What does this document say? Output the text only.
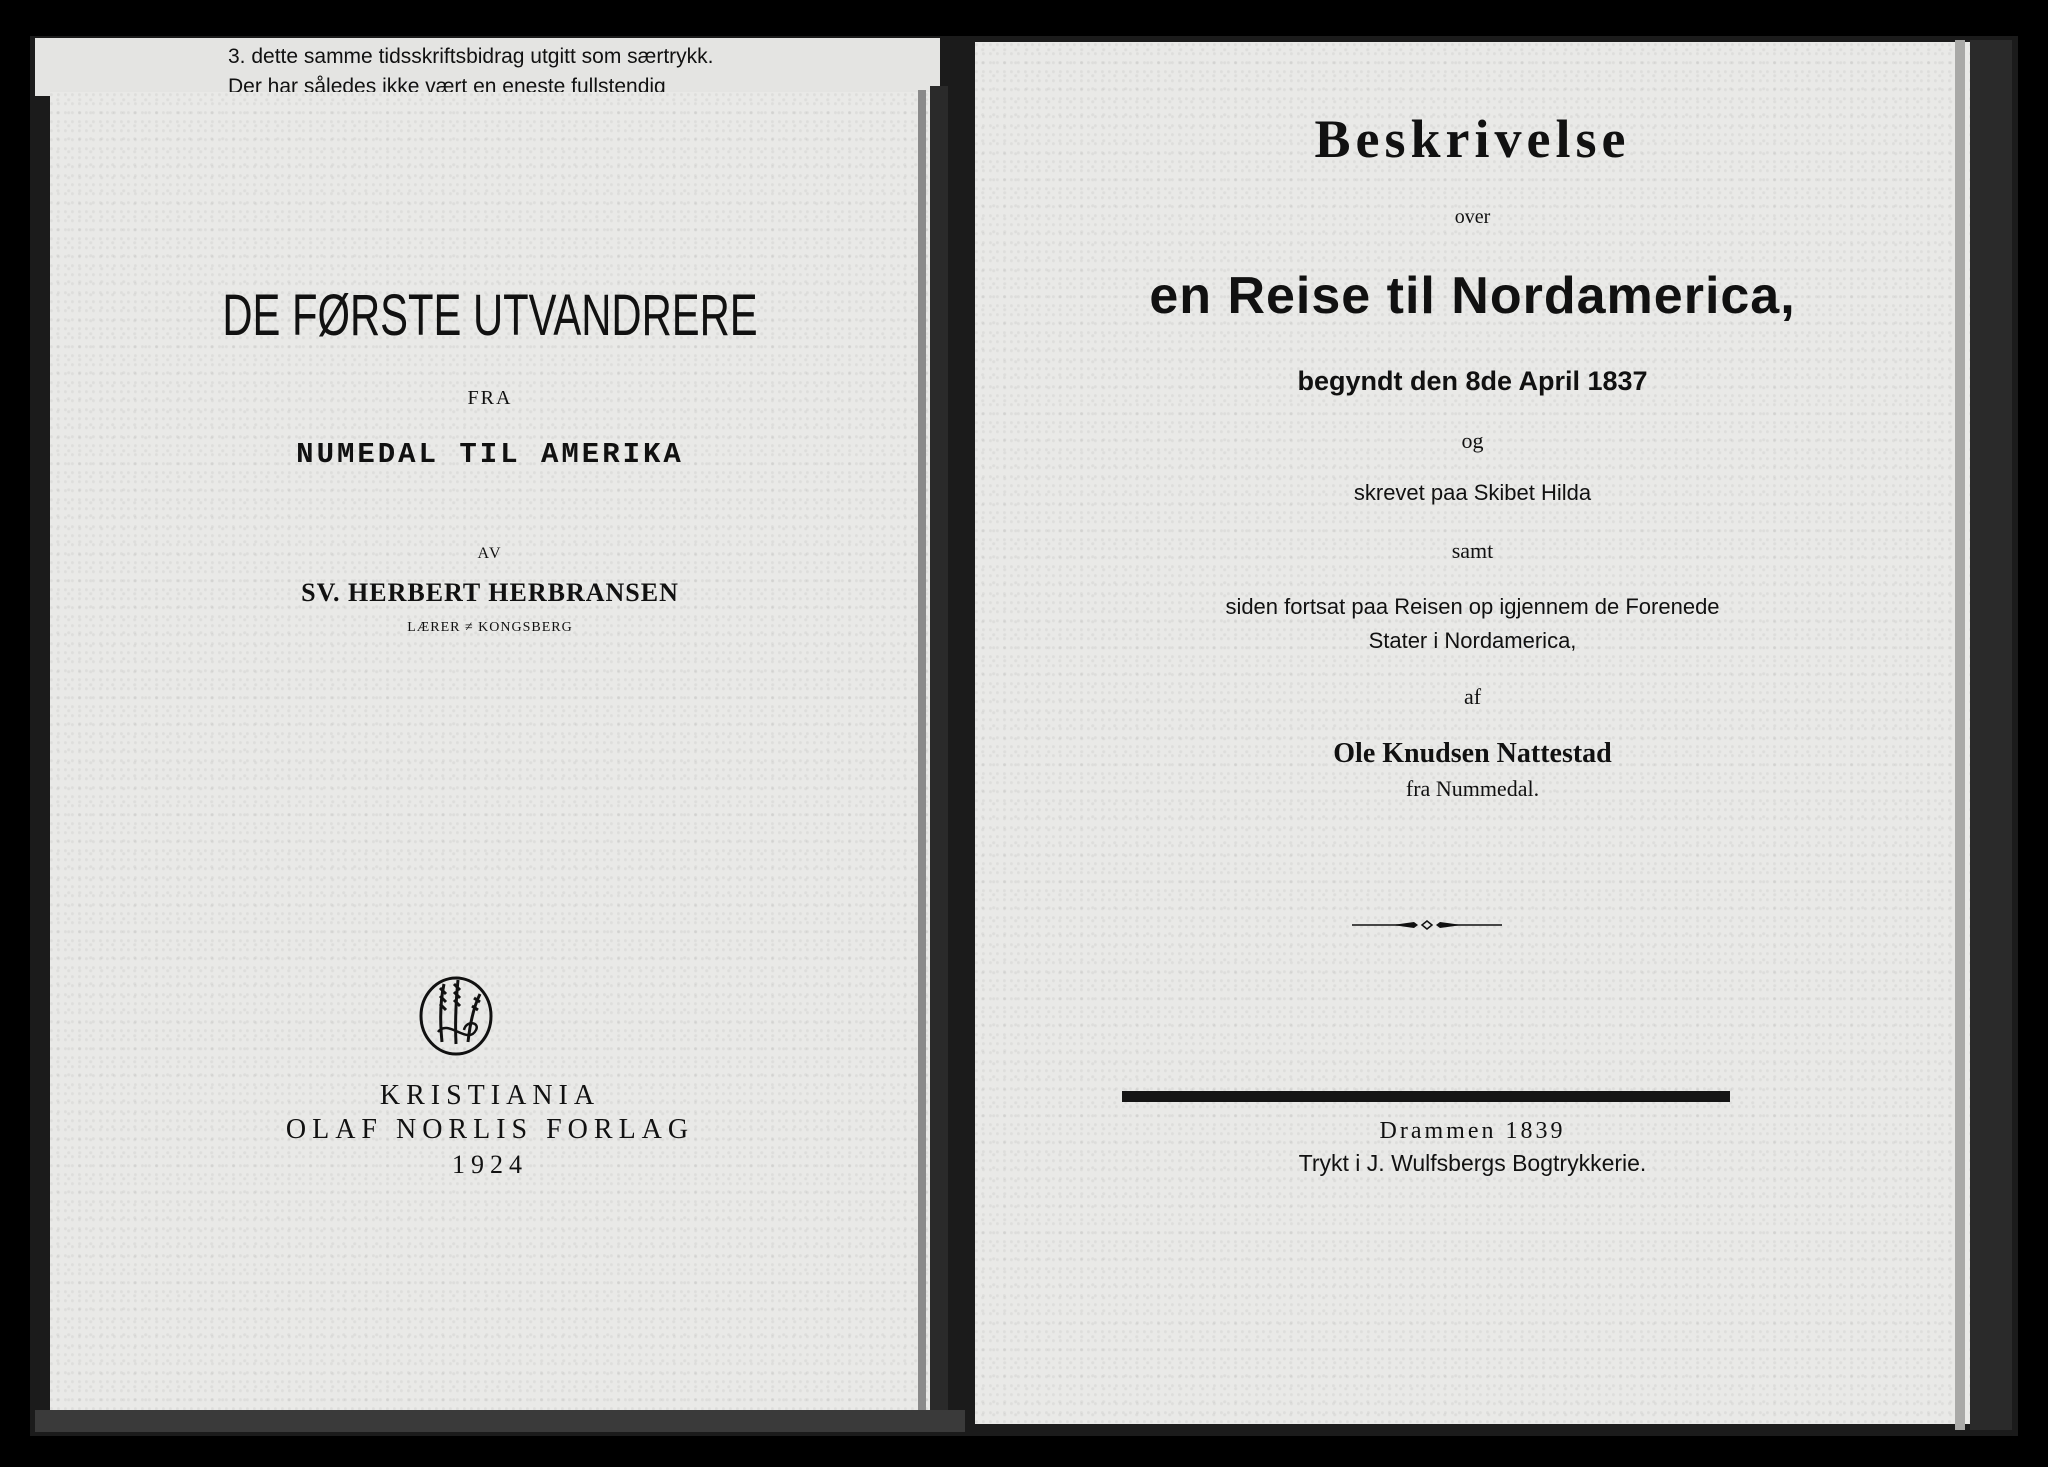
3. dette samme tidsskriftsbidrag utgitt som særtrykk.
DE FØRSTE UTVANDRERE
FRA
NUMEDAL TIL AMERIKA
AV
SV. HERBERT HERBRANSEN
LÆRER ≠ KONGSBERG
KRISTIANIA
OLAF NORLIS FORLAG
1924
Beskrivelse
over
en Reise til Nordamerica,
begyndt den 8de April 1837
og
skrevet paa Skibet Hilda
samt
siden fortsat paa Reisen op igjennem de Forenede
Stater i Nordamerica,
af
Ole Knudsen Nattestad
fra Nummedal.
Drammen 1839
Trykt i J. Wulfsbergs Bogtrykkerie.
